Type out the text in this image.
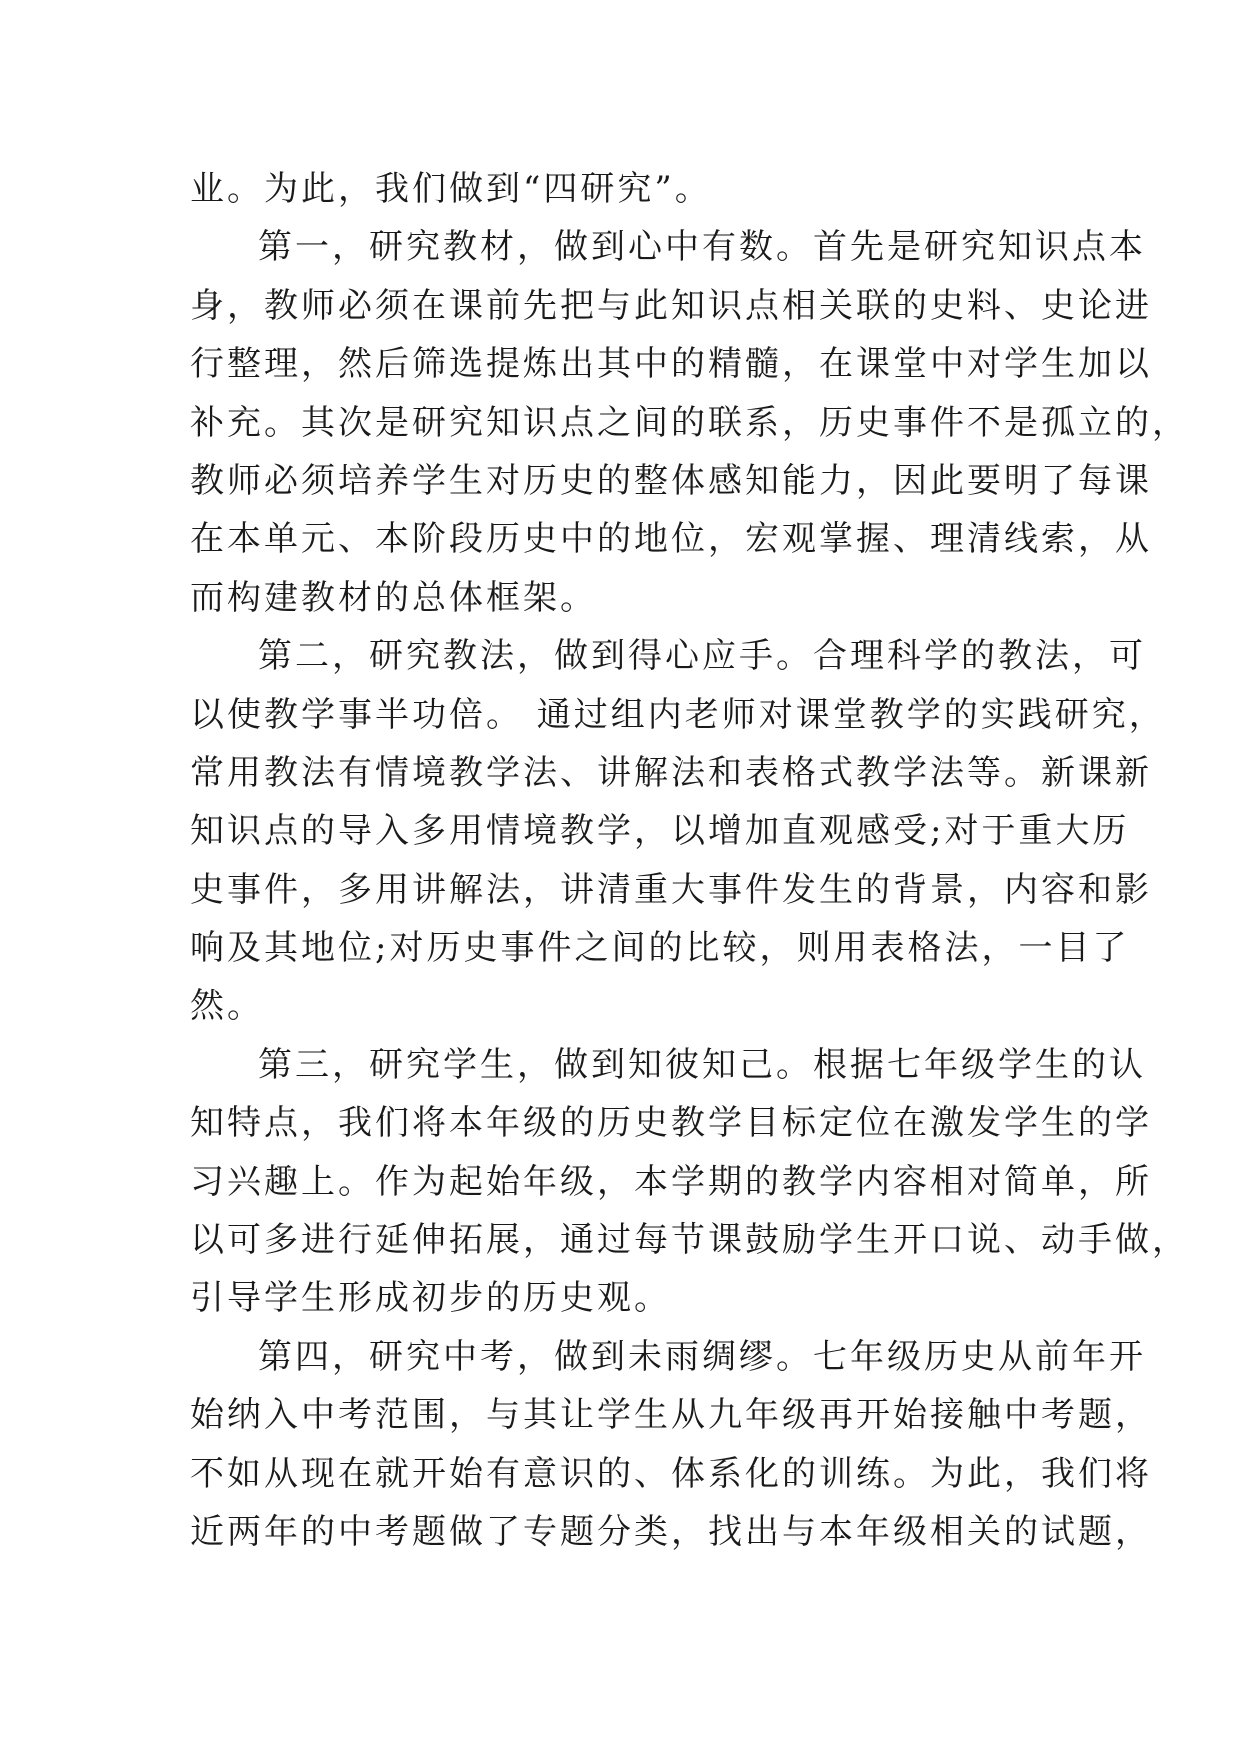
业。为此，我们做到“四研究”。
第一，研究教材，做到心中有数。首先是研究知识点本
身，教师必须在课前先把与此知识点相关联的史料、史论进
行整理，然后筛选提炼出其中的精髓，在课堂中对学生加以
补充。其次是研究知识点之间的联系，历史事件不是孤立的，
教师必须培养学生对历史的整体感知能力，因此要明了每课
在本单元、本阶段历史中的地位，宏观掌握、理清线索，从
而构建教材的总体框架。
第二，研究教法，做到得心应手。合理科学的教法，可
以使教学事半功倍。 通过组内老师对课堂教学的实践研究，
常用教法有情境教学法、讲解法和表格式教学法等。新课新
知识点的导入多用情境教学，以增加直观感受;对于重大历
史事件，多用讲解法，讲清重大事件发生的背景，内容和影
响及其地位;对历史事件之间的比较，则用表格法，一目了
然。
第三，研究学生，做到知彼知己。根据七年级学生的认
知特点，我们将本年级的历史教学目标定位在激发学生的学
习兴趣上。作为起始年级，本学期的教学内容相对简单，所
以可多进行延伸拓展，通过每节课鼓励学生开口说、动手做，
引导学生形成初步的历史观。
第四，研究中考，做到未雨绸缪。七年级历史从前年开
始纳入中考范围，与其让学生从九年级再开始接触中考题，
不如从现在就开始有意识的、体系化的训练。为此，我们将
近两年的中考题做了专题分类，找出与本年级相关的试题，
